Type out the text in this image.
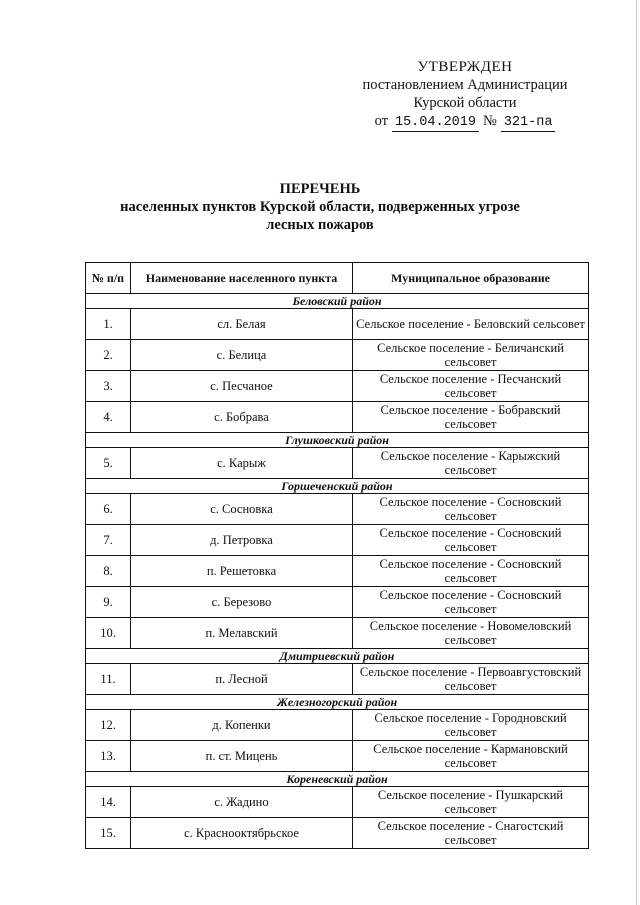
УТВЕРЖДЕН
постановлением Администрации
Курской области
от 15.04.2019 № 321-па
ПЕРЕЧЕНЬ
населенных пунктов Курской области, подверженных угрозе
лесных пожаров
№ п/п	Наименование населенного пункта	Муниципальное образование
Беловский район		
1.	сл. Белая	Сельское поселение - Беловский сельсовет
2.	с. Белица	Сельское поселение - Беличанский сельсовет
3.	с. Песчаное	Сельское поселение - Песчанский сельсовет
4.	с. Бобрава	Сельское поселение - Бобравский сельсовет
Глушковский район		
5.	с. Карыж	Сельское поселение - Карыжский сельсовет
Горшеченский район		
6.	с. Сосновка	Сельское поселение - Сосновский сельсовет
7.	д. Петровка	Сельское поселение - Сосновский сельсовет
8.	п. Решетовка	Сельское поселение - Сосновский сельсовет
9.	с. Березово	Сельское поселение - Сосновский сельсовет
10.	п. Мелавский	Сельское поселение - Новомеловский сельсовет
Дмитриевский район		
11.	п. Лесной	Сельское поселение - Первоавгустовский сельсовет
Железногорский район		
12.	д. Копенки	Сельское поселение - Городновский сельсовет
13.	п. ст. Мицень	Сельское поселение - Кармановский сельсовет
Кореневский район		
14.	с. Жадино	Сельское поселение - Пушкарский сельсовет
15.	с. Краснооктябрьское	Сельское поселение - Снагостский сельсовет
